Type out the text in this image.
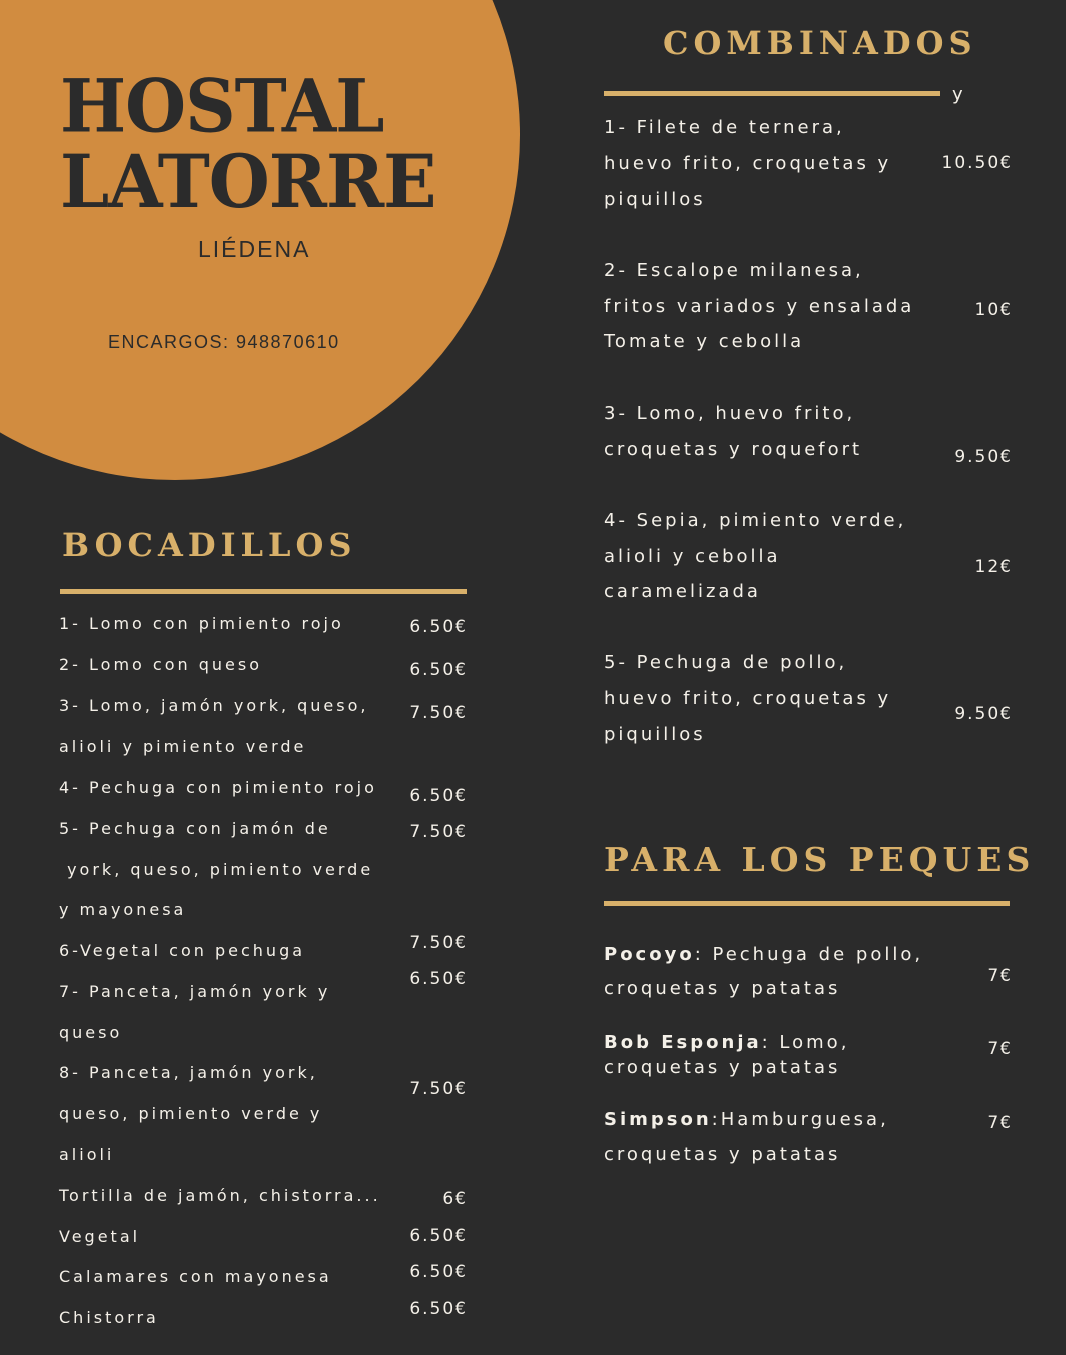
HOSTAL
LATORRE
LIÉDENA
ENCARGOS: 948870610
BOCADILLOS
1- Lomo con pimiento rojo
2- Lomo con queso
3- Lomo, jamón york, queso,
alioli y pimiento verde
4- Pechuga con pimiento rojo
5- Pechuga con jamón de
york, queso, pimiento verde
y mayonesa
6-Vegetal con pechuga
7- Panceta, jamón york y
queso
8- Panceta, jamón york,
queso, pimiento verde y
alioli
Tortilla de jamón, chistorra...
Vegetal
Calamares con mayonesa
Chistorra
6.50€
6.50€
7.50€
6.50€
7.50€
7.50€
6.50€
7.50€
6€
6.50€
6.50€
6.50€
COMBINADOS
y
1- Filete de ternera,
huevo frito, croquetas y
piquillos
2- Escalope milanesa,
fritos variados y ensalada
Tomate y cebolla
3- Lomo, huevo frito,
croquetas y roquefort
4- Sepia, pimiento verde,
alioli y cebolla
caramelizada
5- Pechuga de pollo,
huevo frito, croquetas y
piquillos
10.50€
10€
9.50€
12€
9.50€
PARA LOS PEQUES
Pocoyo: Pechuga de pollo,
croquetas y patatas
7€
Bob Esponja: Lomo,
croquetas y patatas
7€
Simpson:Hamburguesa,
croquetas y patatas
7€
